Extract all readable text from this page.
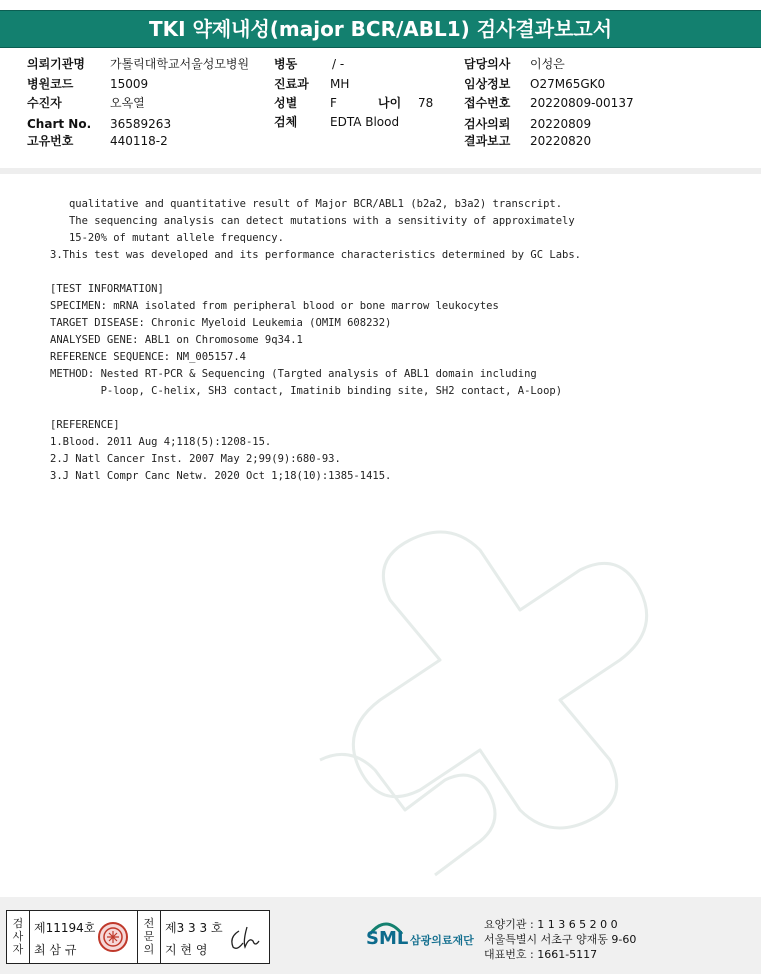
TKI 약제내성(major BCR/ABL1) 검사결과보고서
의뢰기관명 가톨릭대학교서울성모병원
병원코드	15009
수진자	오옥열
Chart No. 36589263
고유번호	440118-2
병동	/ -
진료과 MH
성별	F	나이 78
검체	EDTA Blood
담당의사 이성은
임상정보 O27M65GK0
접수번호 20220809-00137
검사의뢰 20220809
결과보고 20220820
qualitative and quantitative result of Major BCR/ABL1 (b2a2, b3a2) transcript.
The sequencing analysis can detect mutations with a sensitivity of approximately
15-20% of mutant allele frequency.
3.This test was developed and its performance characteristics determined by GC Labs.
[TEST INFORMATION]
SPECIMEN: mRNA isolated from peripheral blood or bone marrow leukocytes
TARGET DISEASE: Chronic Myeloid Leukemia (OMIM 608232)
ANALYSED GENE: ABL1 on Chromosome 9q34.1
REFERENCE SEQUENCE: NM_005157.4
METHOD: Nested RT-PCR & Sequencing (Targted analysis of ABL1 domain including
P-loop, C-helix, SH3 contact, Imatinib binding site, SH2 contact, A-Loop)
[REFERENCE]
1.Blood. 2011 Aug 4;118(5):1208-15.
2.J Natl Cancer Inst. 2007 May 2;99(9):680-93.
3.J Natl Compr Canc Netw. 2020 Oct 1;18(10):1385-1415.
검
사
자
제11194호
최 삼 규
전
문
의
제3 3 3 호
지 현 영
SML 삼광의료재단
요양기관 : 1 1 3 6 5 2 0 0
서울특별시 서초구 양재동 9-60
대표번호 : 1661-5117
